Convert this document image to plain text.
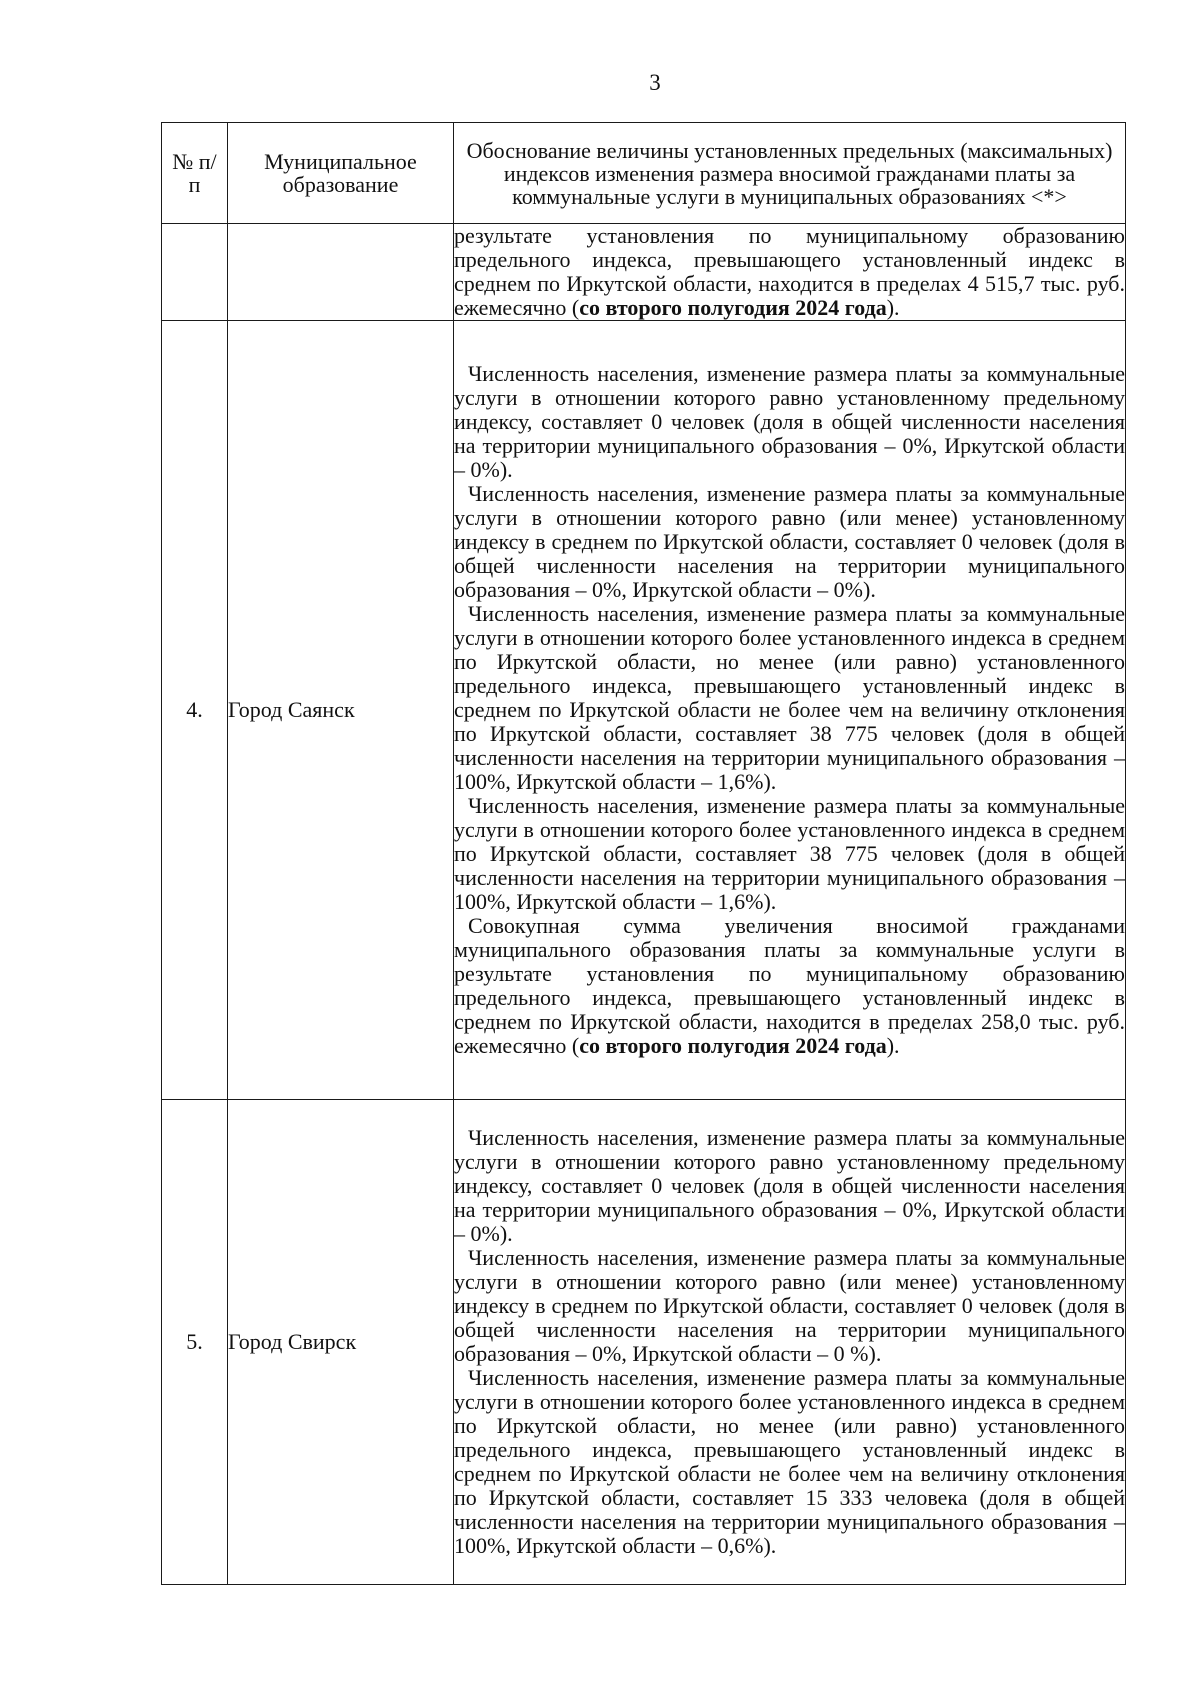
3
№ п/п	Муниципальное образование	Обоснование величины установленных предельных (максимальных) индексов изменения размера вносимой гражданами платы за коммунальные услуги в муниципальных образованиях <*>

		результате установления по муниципальному образованию предельного индекса, превышающего установленный индекс в среднем по Иркутской области, находится в пределах 4 515,7 тыс. руб. ежемесячно (со второго полугодия 2024 года).

4.	Город Саянск	Численность населения, изменение размера платы за коммунальные услуги в отношении которого равно установленному предельному индексу, составляет 0 человек (доля в общей численности населения на территории муниципального образования – 0%, Иркутской области – 0%).

Численность населения, изменение размера платы за коммунальные услуги в отношении которого равно (или менее) установленному индексу в среднем по Иркутской области, составляет 0 человек (доля в общей численности населения на территории муниципального образования – 0%, Иркутской области – 0%).

Численность населения, изменение размера платы за коммунальные услуги в отношении которого более установленного индекса в среднем по Иркутской области, но менее (или равно) установленного предельного индекса, превышающего установленный индекс в среднем по Иркутской области не более чем на величину отклонения по Иркутской области, составляет 38 775 человек (доля в общей численности населения на территории муниципального образования – 100%, Иркутской области – 1,6%).

Численность населения, изменение размера платы за коммунальные услуги в отношении которого более установленного индекса в среднем по Иркутской области, составляет 38 775 человек (доля в общей численности населения на территории муниципального образования – 100%, Иркутской области – 1,6%).

Совокупная сумма увеличения вносимой гражданами муниципального образования платы за коммунальные услуги в результате установления по муниципальному образованию предельного индекса, превышающего установленный индекс в среднем по Иркутской области, находится в пределах 258,0 тыс. руб. ежемесячно (со второго полугодия 2024 года).

5.	Город Свирск	Численность населения, изменение размера платы за коммунальные услуги в отношении которого равно установленному предельному индексу, составляет 0 человек (доля в общей численности населения на территории муниципального образования – 0%, Иркутской области – 0%).

Численность населения, изменение размера платы за коммунальные услуги в отношении которого равно (или менее) установленному индексу в среднем по Иркутской области, составляет 0 человек (доля в общей численности населения на территории муниципального образования – 0%, Иркутской области – 0 %).

Численность населения, изменение размера платы за коммунальные услуги в отношении которого более установленного индекса в среднем по Иркутской области, но менее (или равно) установленного предельного индекса, превышающего установленный индекс в среднем по Иркутской области не более чем на величину отклонения по Иркутской области, составляет 15 333 человека (доля в общей численности населения на территории муниципального образования – 100%, Иркутской области – 0,6%).
